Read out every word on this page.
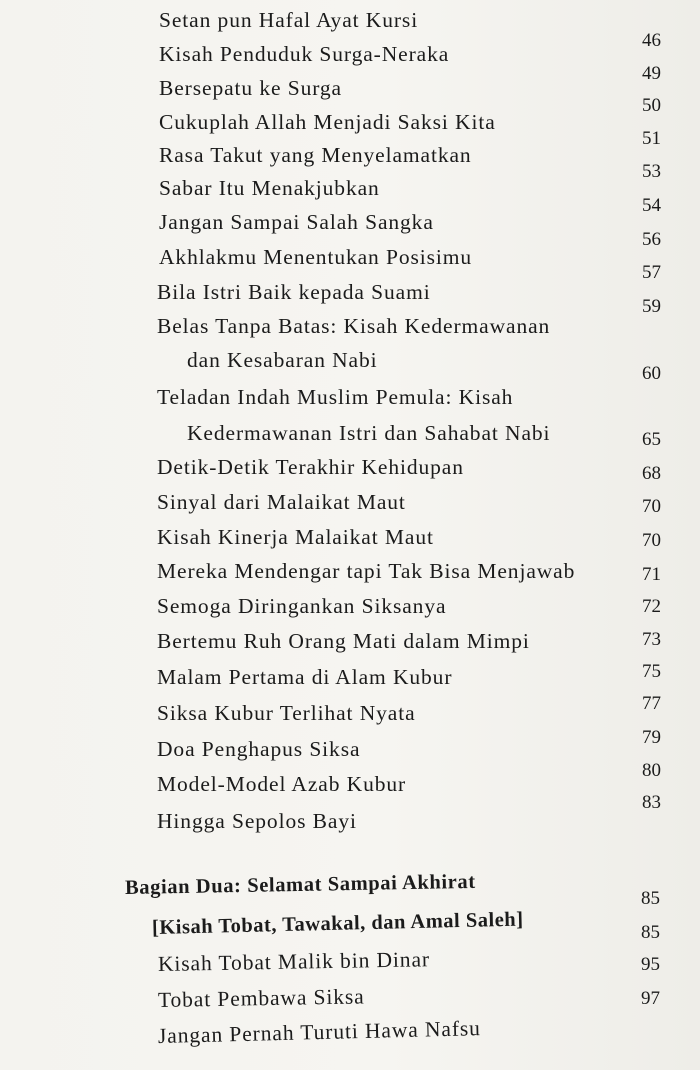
Setan pun Hafal Ayat Kursi
Kisah Penduduk Surga-Neraka
Bersepatu ke Surga
Cukuplah Allah Menjadi Saksi Kita
Rasa Takut yang Menyelamatkan
Sabar Itu Menakjubkan
Jangan Sampai Salah Sangka
Akhlakmu Menentukan Posisimu
Bila Istri Baik kepada Suami
Belas Tanpa Batas: Kisah Kedermawanan
dan Kesabaran Nabi
Teladan Indah Muslim Pemula: Kisah
Kedermawanan Istri dan Sahabat Nabi
Detik-Detik Terakhir Kehidupan
Sinyal dari Malaikat Maut
Kisah Kinerja Malaikat Maut
Mereka Mendengar tapi Tak Bisa Menjawab
Semoga Diringankan Siksanya
Bertemu Ruh Orang Mati dalam Mimpi
Malam Pertama di Alam Kubur
Siksa Kubur Terlihat Nyata
Doa Penghapus Siksa
Model-Model Azab Kubur
Hingga Sepolos Bayi
Bagian Dua: Selamat Sampai Akhirat
[Kisah Tobat, Tawakal, dan Amal Saleh]
Kisah Tobat Malik bin Dinar
Tobat Pembawa Siksa
Jangan Pernah Turuti Hawa Nafsu
46
49
50
51
53
54
56
57
59
60
65
68
70
70
71
72
73
75
77
79
80
83
85
85
95
97
